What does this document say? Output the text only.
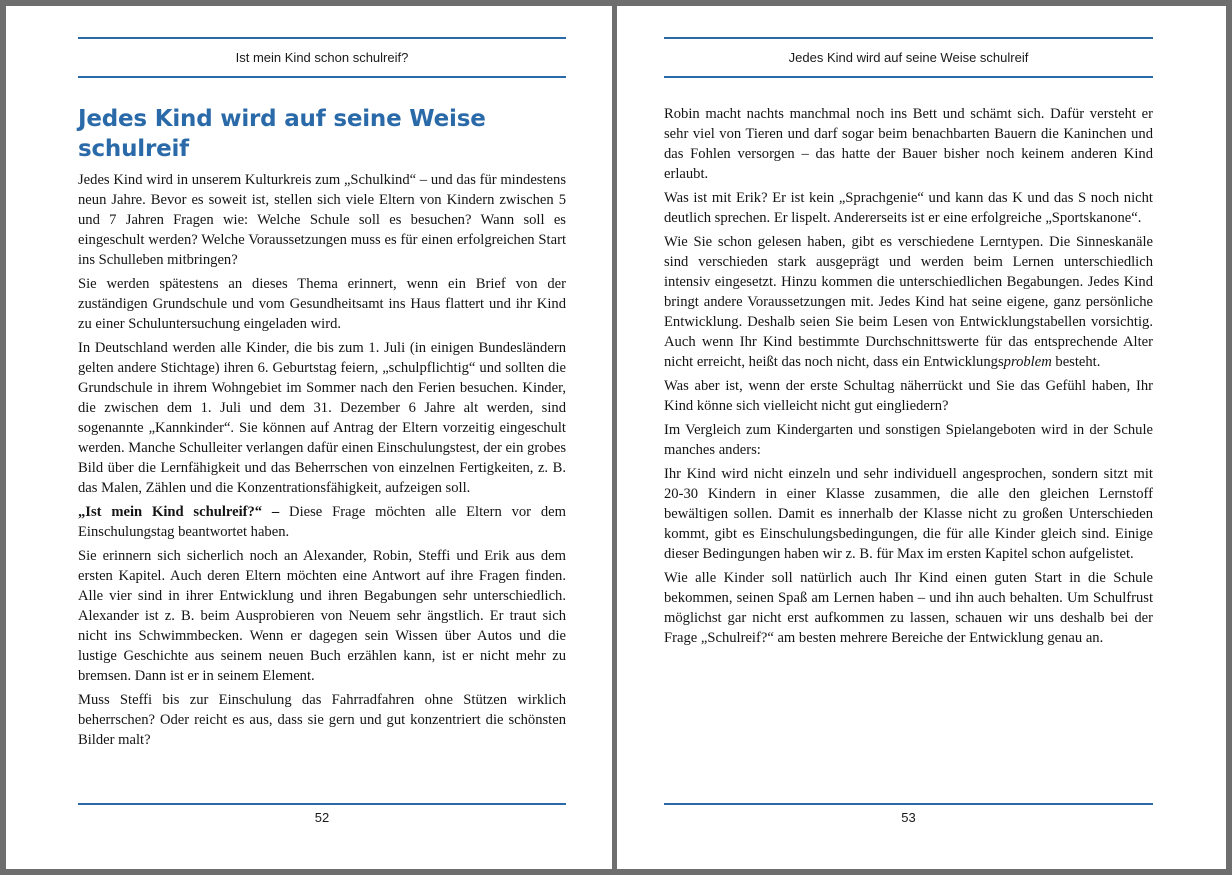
Ist mein Kind schon schulreif?
Jedes Kind wird auf seine Weise schulreif

Jedes Kind wird in unserem Kulturkreis zum „Schulkind“ – und das für mindestens neun Jahre. Bevor es soweit ist, stellen sich viele Eltern von Kindern zwischen 5 und 7 Jahren Fragen wie: Welche Schule soll es besuchen? Wann soll es eingeschult werden? Welche Voraussetzungen muss es für einen erfolgreichen Start ins Schulleben mitbringen?

Sie werden spätestens an dieses Thema erinnert, wenn ein Brief von der zuständigen Grundschule und vom Gesundheitsamt ins Haus flattert und ihr Kind zu einer Schuluntersuchung eingeladen wird.

In Deutschland werden alle Kinder, die bis zum 1. Juli (in einigen Bundesländern gelten andere Stichtage) ihren 6. Geburtstag feiern, „schulpflichtig“ und sollten die Grundschule in ihrem Wohngebiet im Sommer nach den Ferien besuchen. Kinder, die zwischen dem 1. Juli und dem 31. Dezember 6 Jahre alt werden, sind sogenannte „Kannkinder“. Sie können auf Antrag der Eltern vorzeitig eingeschult werden. Manche Schulleiter verlangen dafür einen Einschulungstest, der ein grobes Bild über die Lernfähigkeit und das Beherrschen von einzelnen Fertigkeiten, z. B. das Malen, Zählen und die Konzentrationsfähigkeit, aufzeigen soll.

„Ist mein Kind schulreif?“ – Diese Frage möchten alle Eltern vor dem Einschulungstag beantwortet haben.

Sie erinnern sich sicherlich noch an Alexander, Robin, Steffi und Erik aus dem ersten Kapitel. Auch deren Eltern möchten eine Antwort auf ihre Fragen finden. Alle vier sind in ihrer Entwicklung und ihren Begabungen sehr unterschiedlich. Alexander ist z. B. beim Ausprobieren von Neuem sehr ängstlich. Er traut sich nicht ins Schwimmbecken. Wenn er dagegen sein Wissen über Autos und die lustige Geschichte aus seinem neuen Buch erzählen kann, ist er nicht mehr zu bremsen. Dann ist er in seinem Element.

Muss Steffi bis zur Einschulung das Fahrradfahren ohne Stützen wirklich beherrschen? Oder reicht es aus, dass sie gern und gut konzentriert die schönsten Bilder malt?

52
Jedes Kind wird auf seine Weise schulreif

Robin macht nachts manchmal noch ins Bett und schämt sich. Dafür versteht er sehr viel von Tieren und darf sogar beim benachbarten Bauern die Kaninchen und das Fohlen versorgen – das hatte der Bauer bisher noch keinem anderen Kind erlaubt.

Was ist mit Erik? Er ist kein „Sprachgenie“ und kann das K und das S noch nicht deutlich sprechen. Er lispelt. Andererseits ist er eine erfolgreiche „Sportskanone“.

Wie Sie schon gelesen haben, gibt es verschiedene Lerntypen. Die Sinneskanäle sind verschieden stark ausgeprägt und werden beim Lernen unterschiedlich intensiv eingesetzt. Hinzu kommen die unterschiedlichen Begabungen. Jedes Kind bringt andere Voraussetzungen mit. Jedes Kind hat seine eigene, ganz persönliche Entwicklung. Deshalb seien Sie beim Lesen von Entwicklungstabellen vorsichtig. Auch wenn Ihr Kind bestimmte Durchschnittswerte für das entsprechende Alter nicht erreicht, heißt das noch nicht, dass ein Entwicklungsproblem besteht.

Was aber ist, wenn der erste Schultag näherrückt und Sie das Gefühl haben, Ihr Kind könne sich vielleicht nicht gut eingliedern?

Im Vergleich zum Kindergarten und sonstigen Spielangeboten wird in der Schule manches anders:

Ihr Kind wird nicht einzeln und sehr individuell angesprochen, sondern sitzt mit 20-30 Kindern in einer Klasse zusammen, die alle den gleichen Lernstoff bewältigen sollen. Damit es innerhalb der Klasse nicht zu großen Unterschieden kommt, gibt es Einschulungsbedingungen, die für alle Kinder gleich sind. Einige dieser Bedingungen haben wir z. B. für Max im ersten Kapitel schon aufgelistet.

Wie alle Kinder soll natürlich auch Ihr Kind einen guten Start in die Schule bekommen, seinen Spaß am Lernen haben – und ihn auch behalten. Um Schulfrust möglichst gar nicht erst aufkommen zu lassen, schauen wir uns deshalb bei der Frage „Schulreif?“ am besten mehrere Bereiche der Entwicklung genau an.

53
